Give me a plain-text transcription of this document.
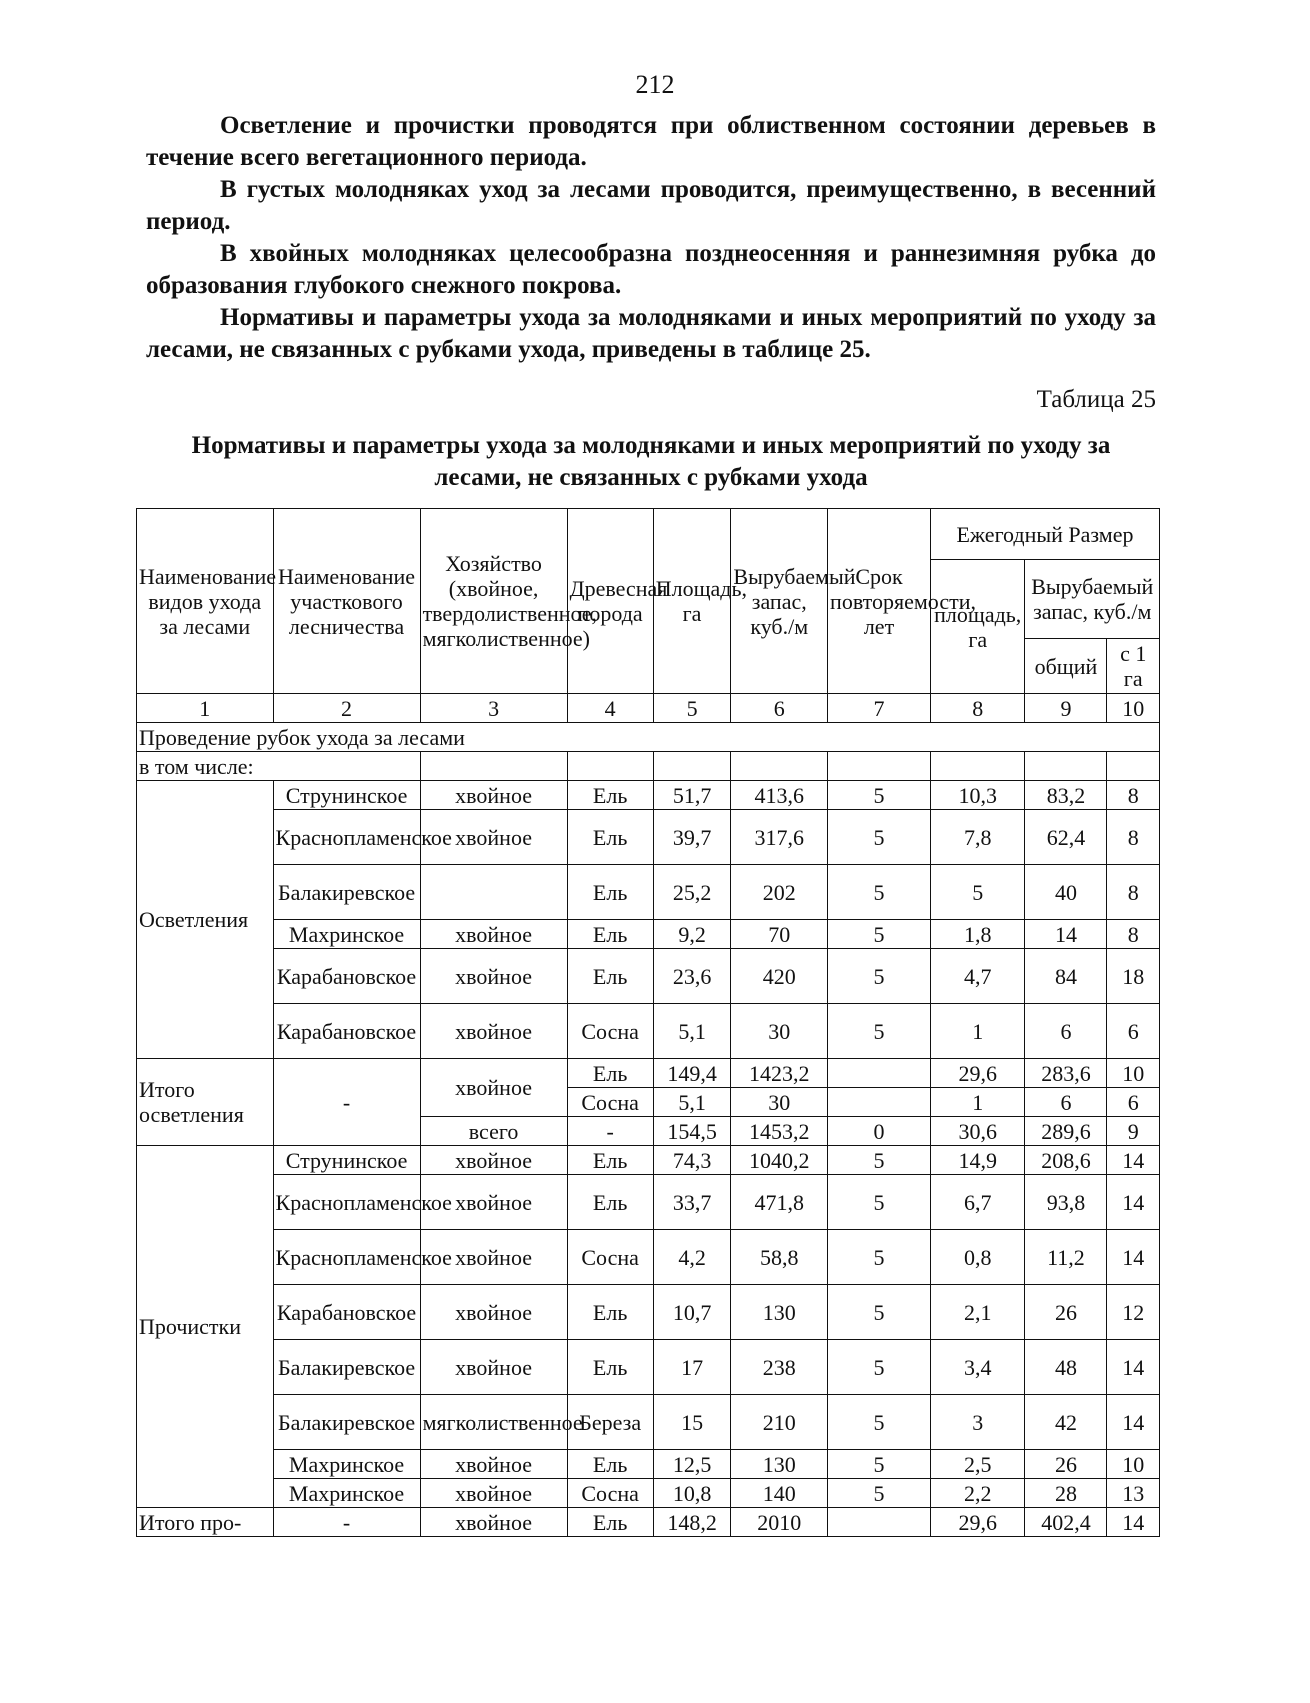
212

Осветление и прочистки проводятся при облиственном состоянии деревьев в течение всего вегетационного периода.

В густых молодняках уход за лесами проводится, преимущественно, в весенний период.

В хвойных молодняках целесообразна позднеосенняя и раннезимняя рубка до образования глубокого снежного покрова.

Нормативы и параметры ухода за молодняками и иных мероприятий по уходу за лесами, не связанных с рубками ухода, приведены в таблице 25.

Таблица 25
Нормативы и параметры ухода за молодняками и иных мероприятий по уходу за лесами, не связанных с рубками ухода
Наименование видов ухода за лесами	Наименование участкового лесничества	Хозяйство (хвойное, твердолиственное, мягколиственное)	Древесная порода	Площадь, га	Вырубаемый запас, куб./м	Срок повторяемости, лет	Ежегодный Размер		
							площадь, га	Вырубаемый запас, куб./м	
								общий	с 1 га
1	2	3	4	5	6	7	8	9	10
Проведение рубок ухода за лесами									
в том числе:									
Осветления	Струнинское	хвойное	Ель	51,7	413,6	5	10,3	83,2	8
	Краснопламенское	хвойное	Ель	39,7	317,6	5	7,8	62,4	8
	Балакиревское		Ель	25,2	202	5	5	40	8
	Махринское	хвойное	Ель	9,2	70	5	1,8	14	8
	Карабановское	хвойное	Ель	23,6	420	5	4,7	84	18
	Карабановское	хвойное	Сосна	5,1	30	5	1	6	6
Итого осветления	-	хвойное	Ель	149,4	1423,2		29,6	283,6	10
			Сосна	5,1	30		1	6	6
		всего	-	154,5	1453,2	0	30,6	289,6	9
Прочистки	Струнинское	хвойное	Ель	74,3	1040,2	5	14,9	208,6	14
	Краснопламенское	хвойное	Ель	33,7	471,8	5	6,7	93,8	14
	Краснопламенское	хвойное	Сосна	4,2	58,8	5	0,8	11,2	14
	Карабановское	хвойное	Ель	10,7	130	5	2,1	26	12
	Балакиревское	хвойное	Ель	17	238	5	3,4	48	14
	Балакиревское	мягколиственное	Береза	15	210	5	3	42	14
	Махринское	хвойное	Ель	12,5	130	5	2,5	26	10
	Махринское	хвойное	Сосна	10,8	140	5	2,2	28	13
Итого про-	-	хвойное	Ель	148,2	2010		29,6	402,4	14
